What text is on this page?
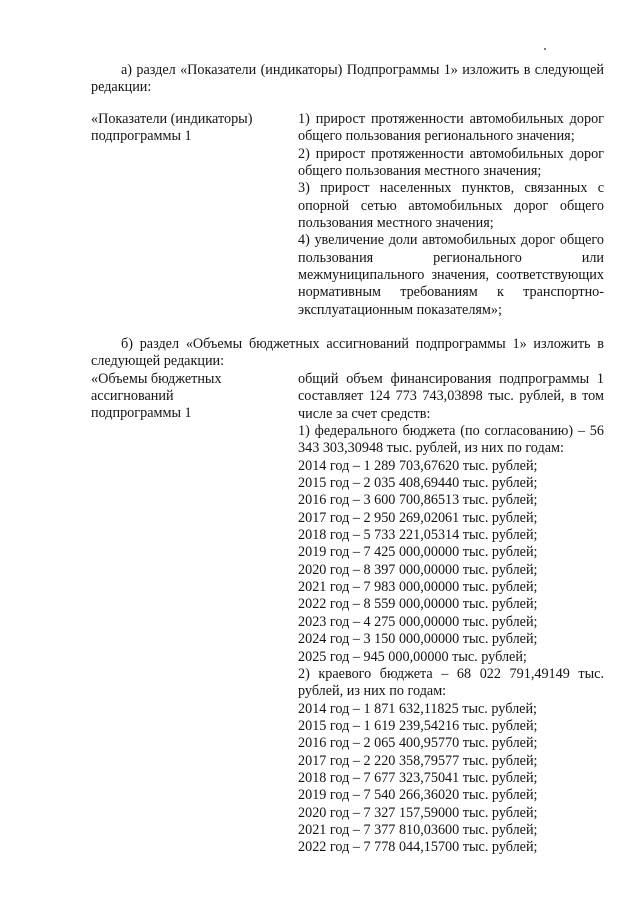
а) раздел «Показатели (индикаторы) Подпрограммы 1» изложить в следующей редакции:

«Показатели (индикаторы)
подпрограммы 1
1) прирост протяженности автомобильных дорог общего пользования регионального значения;
2) прирост протяженности автомобильных дорог общего пользования местного значения;
3) прирост населенных пунктов, связанных с опорной сетью автомобильных дорог общего пользования местного значения;
4) увеличение доли автомобильных дорог общего пользования регионального или межмуниципального значения, соответствующих нормативным требованиям к транспортно-эксплуатационным показателям»;

б) раздел «Объемы бюджетных ассигнований подпрограммы 1» изложить в следующей редакции:

«Объемы бюджетных
ассигнований
подпрограммы 1
общий объем финансирования подпрограммы 1 составляет 124 773 743,03898 тыс. рублей, в том числе за счет средств:
1) федерального бюджета (по согласованию) – 56 343 303,30948 тыс. рублей, из них по годам:
2014 год – 1 289 703,67620 тыс. рублей;
2015 год – 2 035 408,69440 тыс. рублей;
2016 год – 3 600 700,86513 тыс. рублей;
2017 год – 2 950 269,02061 тыс. рублей;
2018 год – 5 733 221,05314 тыс. рублей;
2019 год – 7 425 000,00000 тыс. рублей;
2020 год – 8 397 000,00000 тыс. рублей;
2021 год – 7 983 000,00000 тыс. рублей;
2022 год – 8 559 000,00000 тыс. рублей;
2023 год – 4 275 000,00000 тыс. рублей;
2024 год – 3 150 000,00000 тыс. рублей;
2025 год – 945 000,00000 тыс. рублей;
2) краевого бюджета – 68 022 791,49149 тыс. рублей, из них по годам:
2014 год – 1 871 632,11825 тыс. рублей;
2015 год – 1 619 239,54216 тыс. рублей;
2016 год – 2 065 400,95770 тыс. рублей;
2017 год – 2 220 358,79577 тыс. рублей;
2018 год – 7 677 323,75041 тыс. рублей;
2019 год – 7 540 266,36020 тыс. рублей;
2020 год – 7 327 157,59000 тыс. рублей;
2021 год – 7 377 810,03600 тыс. рублей;
2022 год – 7 778 044,15700 тыс. рублей;
